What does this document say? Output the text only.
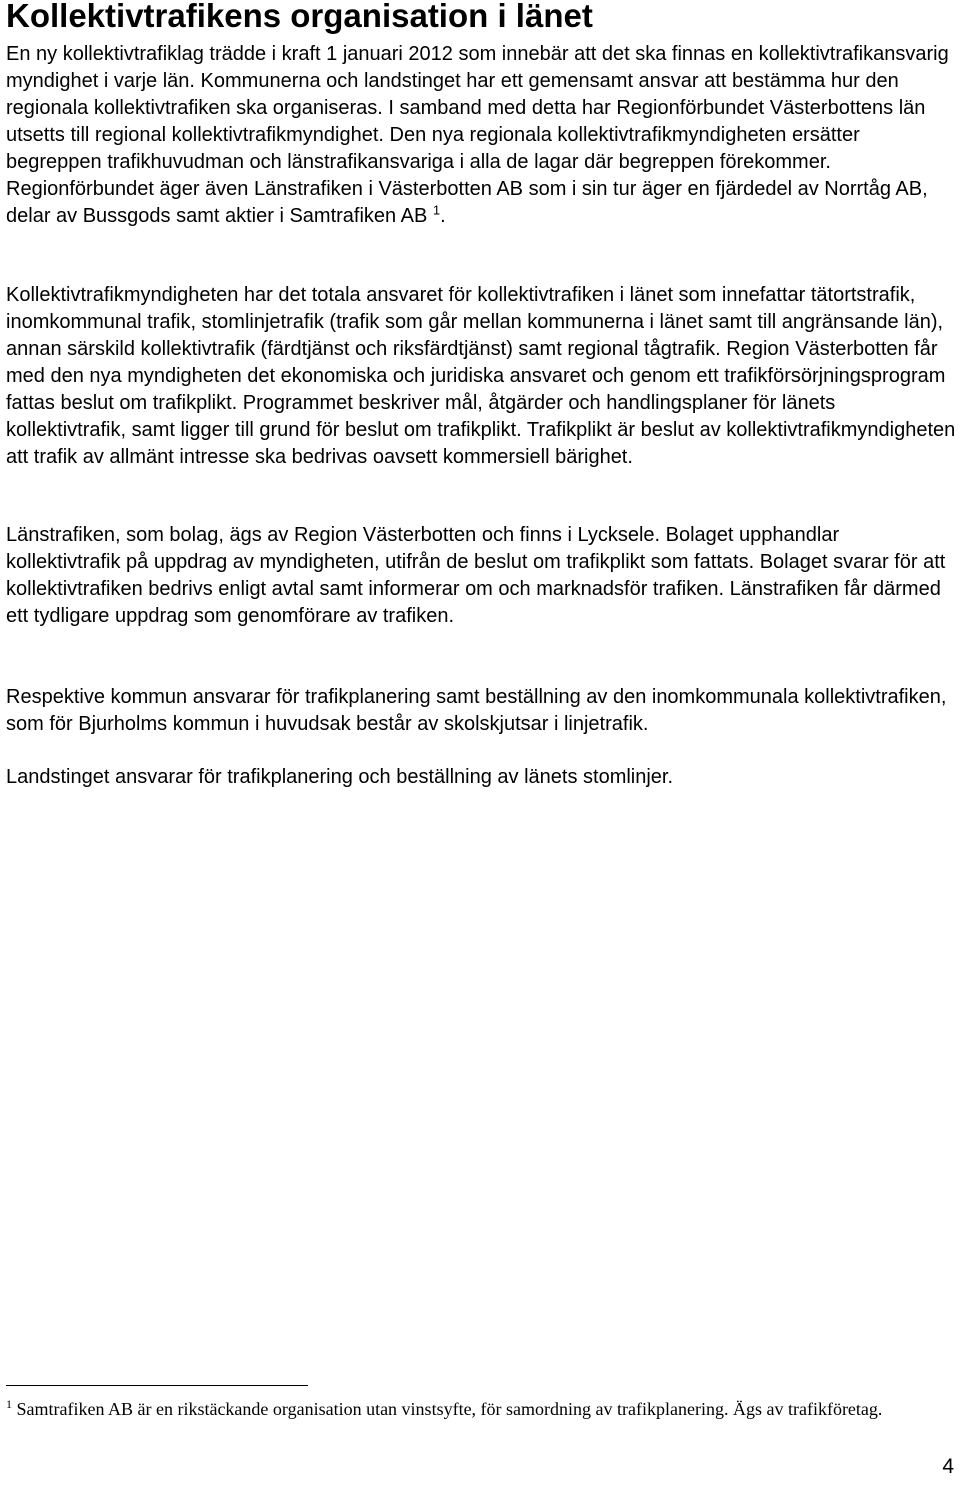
Kollektivtrafikens organisation i länet

En ny kollektivtrafiklag trädde i kraft 1 januari 2012 som innebär att det ska finnas en kollektivtrafikansvarig myndighet i varje län. Kommunerna och landstinget har ett gemensamt ansvar att bestämma hur den regionala kollektivtrafiken ska organiseras. I samband med detta har Regionförbundet Västerbottens län utsetts till regional kollektivtrafikmyndighet. Den nya regionala kollektivtrafikmyndigheten ersätter begreppen trafikhuvudman och länstrafikansvariga i alla de lagar där begreppen förekommer. Regionförbundet äger även Länstrafiken i Västerbotten AB som i sin tur äger en fjärdedel av Norrtåg AB, delar av Bussgods samt aktier i Samtrafiken AB $^1$.

Kollektivtrafikmyndigheten har det totala ansvaret för kollektivtrafiken i länet som innefattar tätortstrafik, inomkommunal trafik, stomlinjetrafik (trafik som går mellan kommunerna i länet samt till angränsande län), annan särskild kollektivtrafik (färdtjänst och riksfärdtjänst) samt regional tågtrafik. Region Västerbotten får med den nya myndigheten det ekonomiska och juridiska ansvaret och genom ett trafikförsörjningsprogram fattas beslut om trafikplikt. Programmet beskriver mål, åtgärder och handlingsplaner för länets kollektivtrafik, samt ligger till grund för beslut om trafikplikt. Trafikplikt är beslut av kollektivtrafikmyndigheten att trafik av allmänt intresse ska bedrivas oavsett kommersiell bärighet.

Länstrafiken, som bolag, ägs av Region Västerbotten och finns i Lycksele. Bolaget upphandlar kollektivtrafik på uppdrag av myndigheten, utifrån de beslut om trafikplikt som fattats. Bolaget svarar för att kollektivtrafiken bedrivs enligt avtal samt informerar om och marknadsför trafiken. Länstrafiken får därmed ett tydligare uppdrag som genomförare av trafiken.

Respektive kommun ansvarar för trafikplanering samt beställning av den inomkommunala kollektivtrafiken, som för Bjurholms kommun i huvudsak består av skolskjutsar i linjetrafik.

Landstinget ansvarar för trafikplanering och beställning av länets stomlinjer.

$^1$ Samtrafiken AB är en rikstäckande organisation utan vinstsyfte, för samordning av trafikplanering. Ägs av trafikföretag.

4
